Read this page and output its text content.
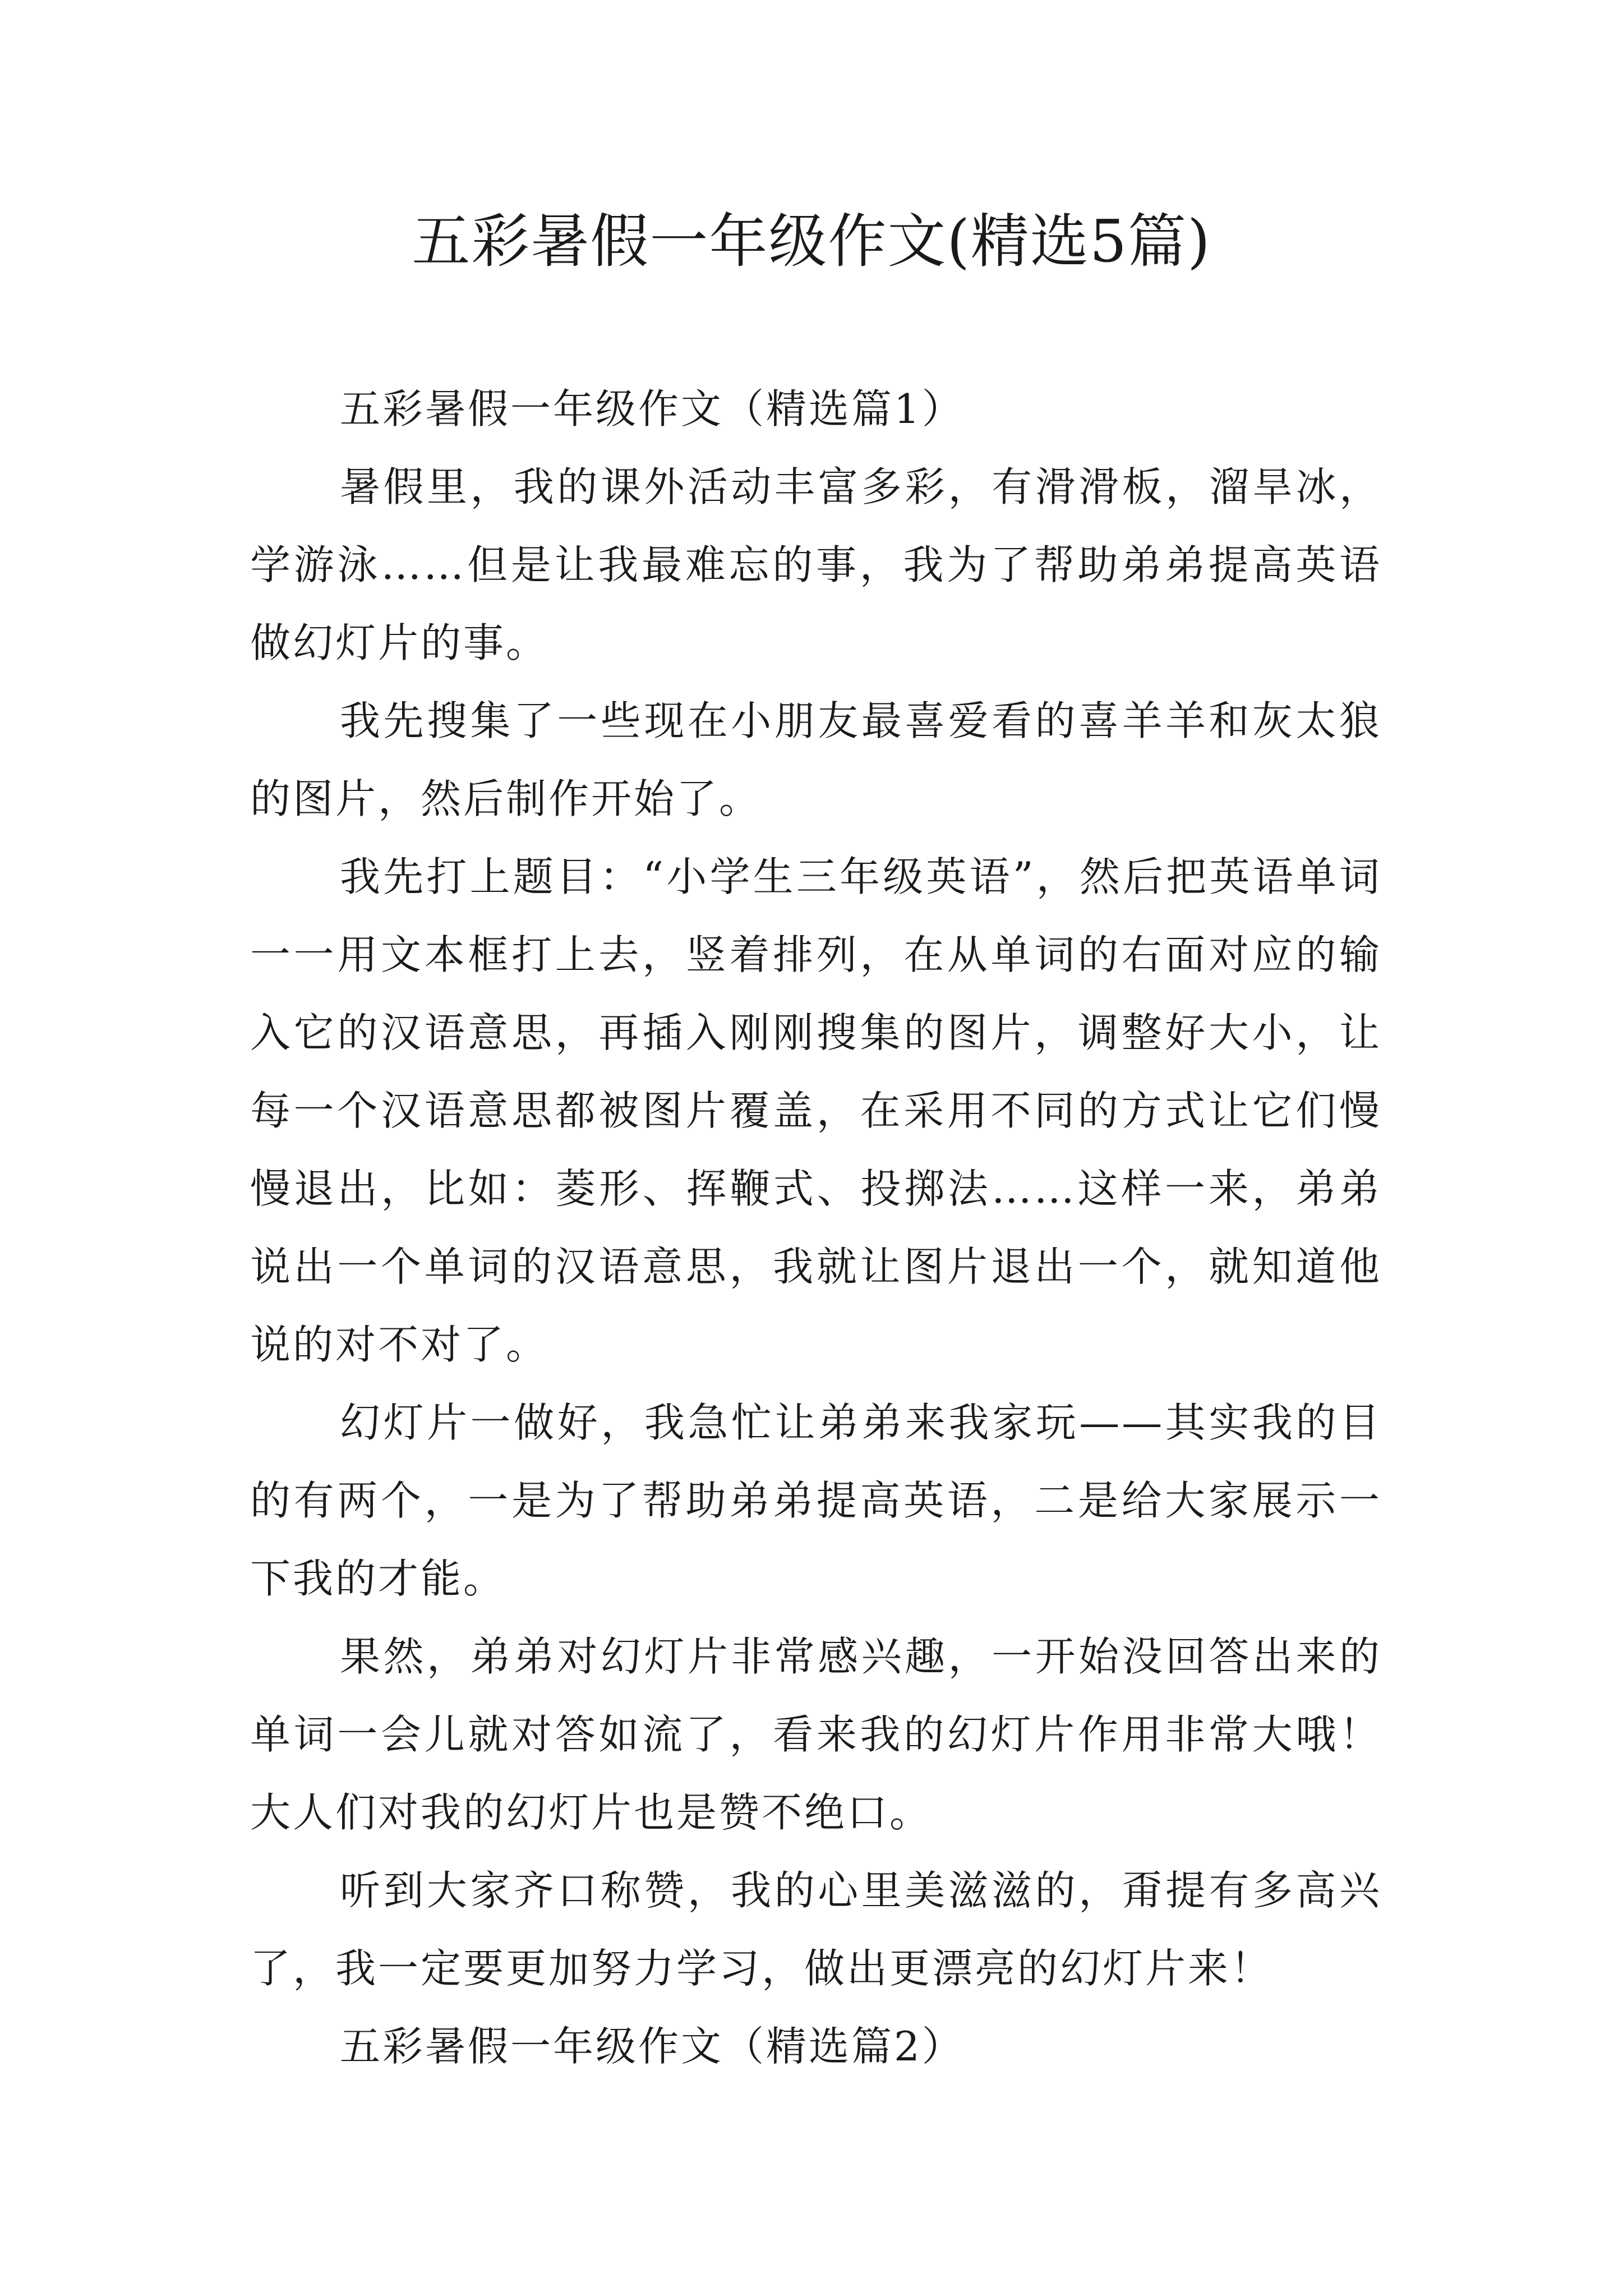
五彩暑假一年级作文(精选5篇)

五彩暑假一年级作文（精选篇1）

暑假里，我的课外活动丰富多彩，有滑滑板，溜旱冰，学游泳……但是让我最难忘的事，我为了帮助弟弟提高英语做幻灯片的事。

我先搜集了一些现在小朋友最喜爱看的喜羊羊和灰太狼的图片，然后制作开始了。

我先打上题目：“小学生三年级英语”，然后把英语单词一一用文本框打上去，竖着排列，在从单词的右面对应的输入它的汉语意思，再插入刚刚搜集的图片，调整好大小，让每一个汉语意思都被图片覆盖，在采用不同的方式让它们慢慢退出，比如：菱形、挥鞭式、投掷法……这样一来，弟弟说出一个单词的汉语意思，我就让图片退出一个，就知道他说的对不对了。

幻灯片一做好，我急忙让弟弟来我家玩——其实我的目的有两个，一是为了帮助弟弟提高英语，二是给大家展示一下我的才能。

果然，弟弟对幻灯片非常感兴趣，一开始没回答出来的单词一会儿就对答如流了，看来我的幻灯片作用非常大哦！大人们对我的幻灯片也是赞不绝口。

听到大家齐口称赞，我的心里美滋滋的，甭提有多高兴了，我一定要更加努力学习，做出更漂亮的幻灯片来！

五彩暑假一年级作文（精选篇2）
